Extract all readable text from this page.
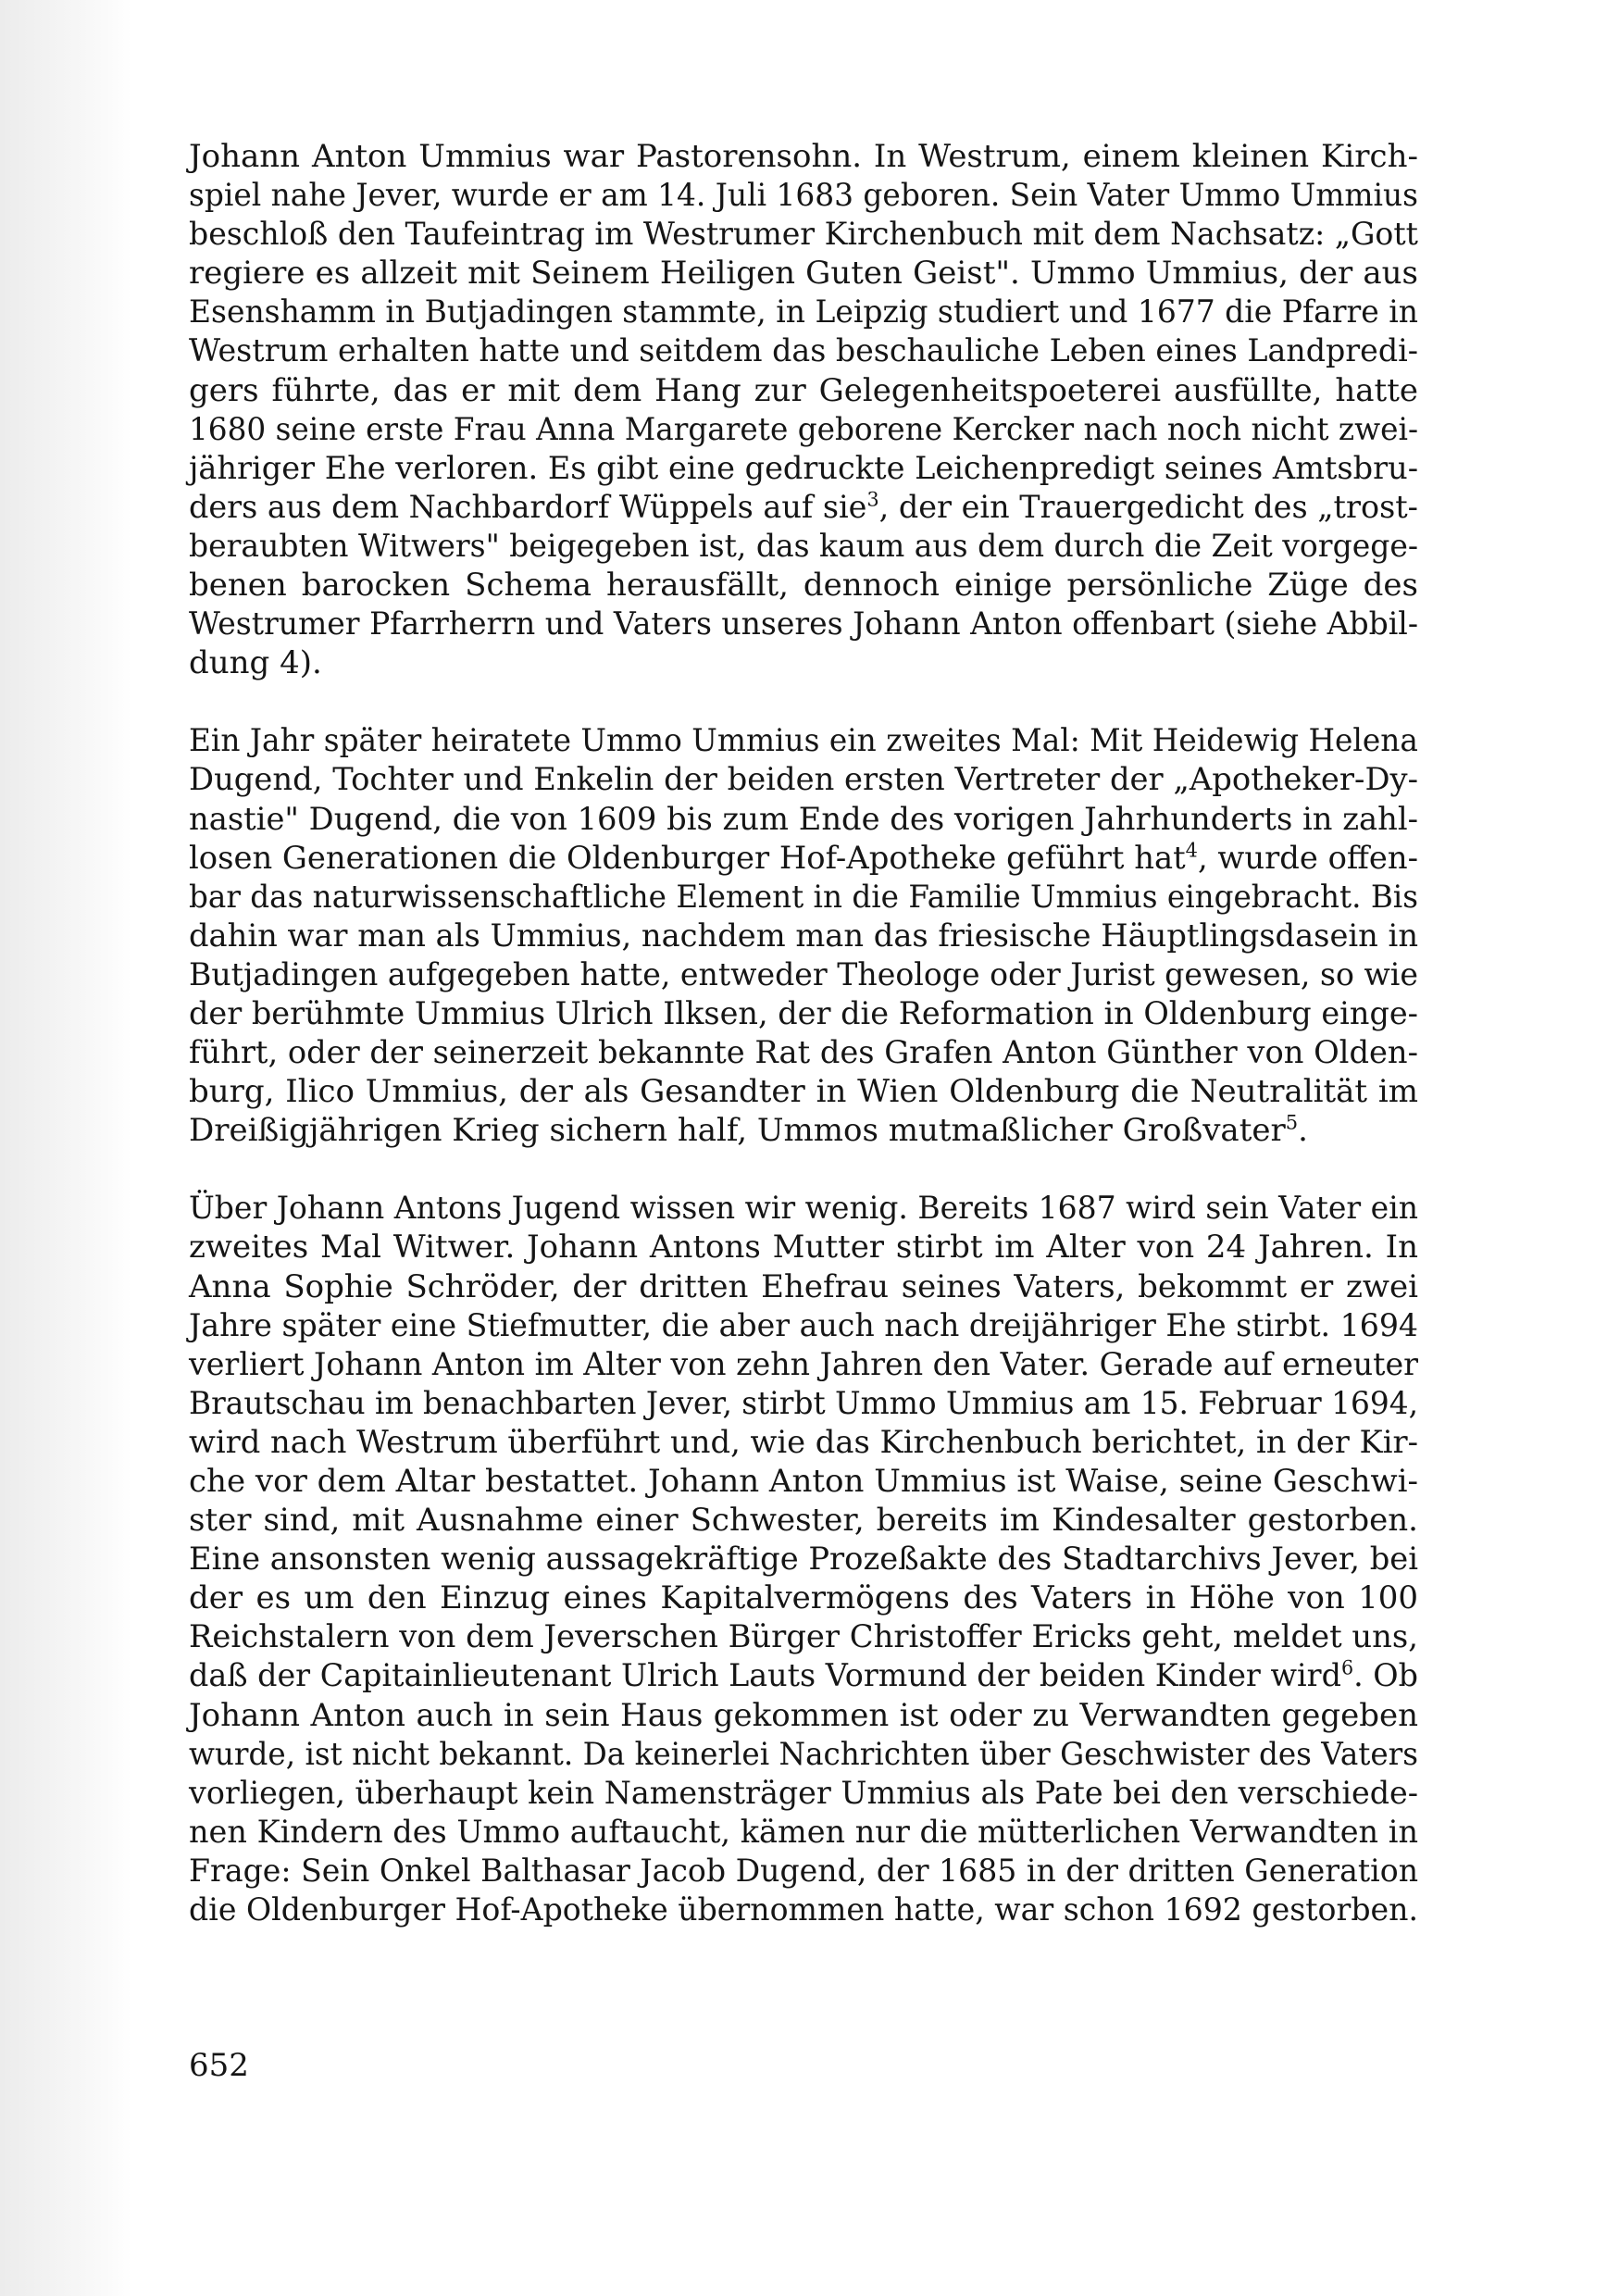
Johann Anton Ummius war Pastorensohn. In Westrum, einem kleinen Kirch-
spiel nahe Jever, wurde er am 14. Juli 1683 geboren. Sein Vater Ummo Ummius
beschloß den Taufeintrag im Westrumer Kirchenbuch mit dem Nachsatz: „Gott
regiere es allzeit mit Seinem Heiligen Guten Geist". Ummo Ummius, der aus
Esenshamm in Butjadingen stammte, in Leipzig studiert und 1677 die Pfarre in
Westrum erhalten hatte und seitdem das beschauliche Leben eines Landpredi-
gers führte, das er mit dem Hang zur Gelegenheitspoeterei ausfüllte, hatte
1680 seine erste Frau Anna Margarete geborene Kercker nach noch nicht zwei-
jähriger Ehe verloren. Es gibt eine gedruckte Leichenpredigt seines Amtsbru-
ders aus dem Nachbardorf Wüppels auf sie$^3$, der ein Trauergedicht des „trost-
beraubten Witwers" beigegeben ist, das kaum aus dem durch die Zeit vorgege-
benen barocken Schema herausfällt, dennoch einige persönliche Züge des
Westrumer Pfarrherrn und Vaters unseres Johann Anton offenbart (siehe Abbil-
dung 4).
Ein Jahr später heiratete Ummo Ummius ein zweites Mal: Mit Heidewig Helena
Dugend, Tochter und Enkelin der beiden ersten Vertreter der „Apotheker-Dy-
nastie" Dugend, die von 1609 bis zum Ende des vorigen Jahrhunderts in zahl-
losen Generationen die Oldenburger Hof-Apotheke geführt hat$^4$, wurde offen-
bar das naturwissenschaftliche Element in die Familie Ummius eingebracht. Bis
dahin war man als Ummius, nachdem man das friesische Häuptlingsdasein in
Butjadingen aufgegeben hatte, entweder Theologe oder Jurist gewesen, so wie
der berühmte Ummius Ulrich Ilksen, der die Reformation in Oldenburg einge-
führt, oder der seinerzeit bekannte Rat des Grafen Anton Günther von Olden-
burg, Ilico Ummius, der als Gesandter in Wien Oldenburg die Neutralität im
Dreißigjährigen Krieg sichern half, Ummos mutmaßlicher Großvater$^5$.
Über Johann Antons Jugend wissen wir wenig. Bereits 1687 wird sein Vater ein
zweites Mal Witwer. Johann Antons Mutter stirbt im Alter von 24 Jahren. In
Anna Sophie Schröder, der dritten Ehefrau seines Vaters, bekommt er zwei
Jahre später eine Stiefmutter, die aber auch nach dreijähriger Ehe stirbt. 1694
verliert Johann Anton im Alter von zehn Jahren den Vater. Gerade auf erneuter
Brautschau im benachbarten Jever, stirbt Ummo Ummius am 15. Februar 1694,
wird nach Westrum überführt und, wie das Kirchenbuch berichtet, in der Kir-
che vor dem Altar bestattet. Johann Anton Ummius ist Waise, seine Geschwi-
ster sind, mit Ausnahme einer Schwester, bereits im Kindesalter gestorben.
Eine ansonsten wenig aussagekräftige Prozeßakte des Stadtarchivs Jever, bei
der es um den Einzug eines Kapitalvermögens des Vaters in Höhe von 100
Reichstalern von dem Jeverschen Bürger Christoffer Ericks geht, meldet uns,
daß der Capitainlieutenant Ulrich Lauts Vormund der beiden Kinder wird$^6$. Ob
Johann Anton auch in sein Haus gekommen ist oder zu Verwandten gegeben
wurde, ist nicht bekannt. Da keinerlei Nachrichten über Geschwister des Vaters
vorliegen, überhaupt kein Namensträger Ummius als Pate bei den verschiede-
nen Kindern des Ummo auftaucht, kämen nur die mütterlichen Verwandten in
Frage: Sein Onkel Balthasar Jacob Dugend, der 1685 in der dritten Generation
die Oldenburger Hof-Apotheke übernommen hatte, war schon 1692 gestorben.
652
